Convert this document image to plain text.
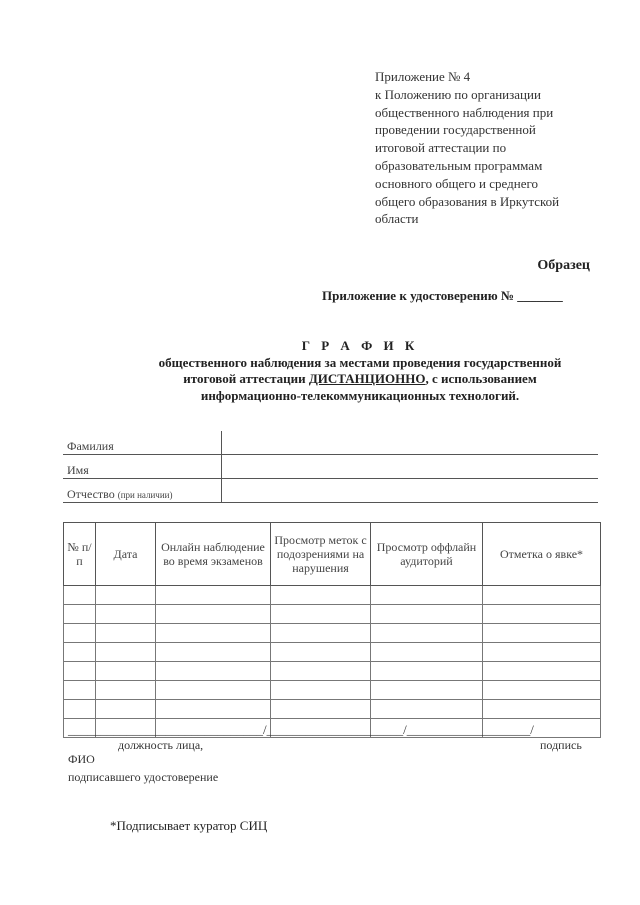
Приложение № 4
к Положению по организации
общественного наблюдения при
проведении государственной
итоговой аттестации по
образовательным программам
основного общего и среднего
общего образования в Иркутской
области
Образец
Приложение к удостоверению № _______
Г Р А Ф И К
общественного наблюдения за местами проведения государственной
итоговой аттестации ДИСТАНЦИОННО, с использованием
информационно-телекоммуникационных технологий.
Фамилия	
Имя	
Отчество (при наличии)	
№ п/п	Дата	Онлайн наблюдение во время экзаменов	Просмотр меток с подозрениями на нарушения	Просмотр оффлайн аудиторий	Отметка о явке*

______________________________/_____________________/___________________/
должность лица,	подпись
ФИО
подписавшего удостоверение
*Подписывает куратор СИЦ
